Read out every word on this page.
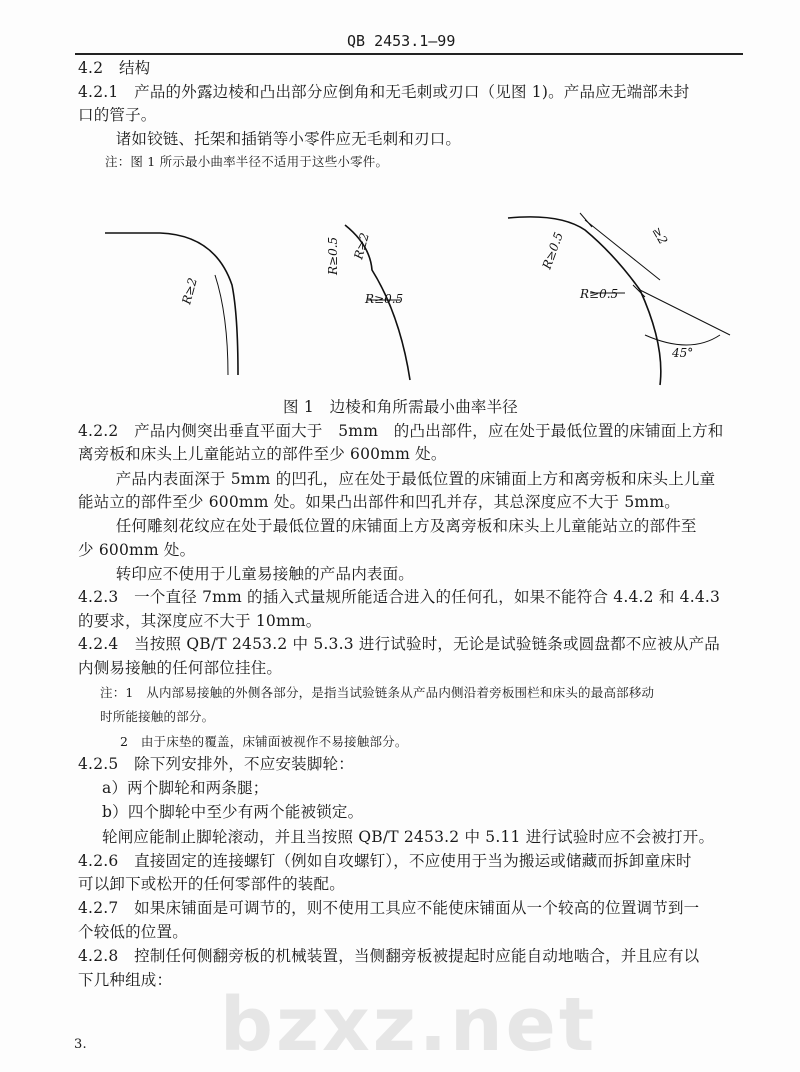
QB 2453.1—99
4.2　结构
4.2.1　产品的外露边棱和凸出部分应倒角和无毛刺或刃口（见图 1)。产品应无端部未封
口的管子。
　诸如铰链、托架和插销等小零件应无毛刺和刃口。
注：图 1 所示最小曲率半径不适用于这些小零件。
R≥2
R≥0.5 R≥2
R≥0.5
R≥0.5	≥2
R≥0.5
45°
图 1　边棱和角所需最小曲率半径
4.2.2　产品内侧突出垂直平面大于　5mm　的凸出部件，应在处于最低位置的床铺面上方和
离旁板和床头上儿童能站立的部件至少 600mm 处。
　产品内表面深于 5mm 的凹孔，应在处于最低位置的床铺面上方和离旁板和床头上儿童
能站立的部件至少 600mm 处。如果凸出部件和凹孔并存，其总深度应不大于 5mm。
　任何雕刻花纹应在处于最低位置的床铺面上方及离旁板和床头上儿童能站立的部件至
少 600mm 处。
　转印应不使用于儿童易接触的产品内表面。
4.2.3　一个直径 7mm 的插入式量规所能适合进入的任何孔，如果不能符合 4.4.2 和 4.4.3
的要求，其深度应不大于 10mm。
4.2.4　当按照 QB/T 2453.2 中 5.3.3 进行试验时，无论是试验链条或圆盘都不应被从产品
内侧易接触的任何部位挂住。
注：1　从内部易接触的外侧各部分，是指当试验链条从产品内侧沿着旁板围栏和床头的最高部移动
时所能接触的部分。
2　由于床垫的覆盖，床铺面被视作不易接触部分。
4.2.5　除下列安排外，不应安装脚轮：
a）两个脚轮和两条腿；
b）四个脚轮中至少有两个能被锁定。
轮闸应能制止脚轮滚动，并且当按照 QB/T 2453.2 中 5.11 进行试验时应不会被打开。
4.2.6　直接固定的连接螺钉（例如自攻螺钉），不应使用于当为搬运或储藏而拆卸童床时
可以卸下或松开的任何零部件的装配。
4.2.7　如果床铺面是可调节的，则不使用工具应不能使床铺面从一个较高的位置调节到一
个较低的位置。
4.2.8　控制任何侧翻旁板的机械装置，当侧翻旁板被提起时应能自动地啮合，并且应有以
下几种组成：
bzxz.net
3.
